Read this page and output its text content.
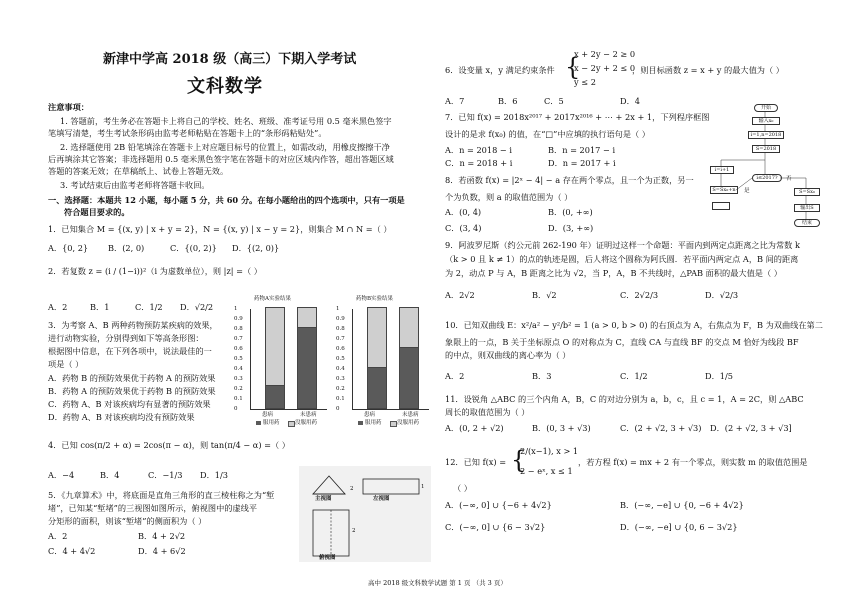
新津中学高 2018 级（高三）下期入学考试
文科数学
注意事项：
1. 答题前，考生务必在答题卡上将自己的学校、姓名、班级、准考证号用 0.5 毫米黑色签字
笔填写清楚，考生考试条形码由监考老师粘贴在答题卡上的“条形码粘贴处”。
2. 选择题使用 2B 铅笔填涂在答题卡上对应题目标号的位置上，如需改动，用橡皮擦擦干净
后再填涂其它答案；非选择题用 0.5 毫米黑色签字笔在答题卡的对应区域内作答，超出答题区域
答题的答案无效；在草稿纸上、试卷上答题无效。
3. 考试结束后由监考老师将答题卡收回。
一、选择题：本题共 12 小题，每小题 5 分，共 60 分。在每小题给出的四个选项中，只有一项是
符合题目要求的。
1．已知集合 M = {(x, y) | x + y = 2}，N = {(x, y) | x − y = 2}，则集合 M ∩ N =（ ）
A．{0, 2} B．(2, 0)	C．{(0, 2)} D．{(2, 0)}
2．若复数 z = (i / (1−i))²（i 为虚数单位），则 |z| =（ ）
A．2	B．1	C．1/2 D．√2/2
3．为考察 A、B 两种药物预防某疾病的效果，
进行动物实验，分别得到如下等高条形图：
根据图中信息，在下列各项中，说法最佳的一
项是（ ）
A．药物 B 的预防效果优于药物 A 的预防效果
B．药物 A 的预防效果优于药物 B 的预防效果
C．药物 A、B 对该疾病均有显著的预防效果
D．药物 A、B 对该疾病均没有预防效果
药物A实验结果
1
0.9
0.8
0.7
0.6
0.5
0.4
0.3
0.2
0.1
0
患病	未患病
服用药	没服用药
药物B实验结果
1
0.9
0.8
0.7
0.6
0.5
0.4
0.3
0.2
0.1
0
患病	未患病
服用药	没服用药
4．已知 cos(π/2 + α) = 2cos(π − α)，则 tan(π/4 − α) =（ ）
A．−4	B．4	C．−1/3 D．1/3
5．《九章算术》中，将底面是直角三角形的直三棱柱称之为“堑
堵”，已知某“堑堵”的三视图如图所示，俯视图中的虚线平
分矩形的面积，则该“堑堵”的侧面积为（ ）
A．2	B．4 + 2√2
C．4 + 4√2	D．4 + 6√2
主视图	左视图
俯视图
2	1
2
6．设变量 x，y 满足约束条件 {
x + 2y − 2 ≥ 0
x − 2y + 2 ≤ 0
y ≤ 2
，则目标函数 z = x + y 的最大值为（ ）
A．7	B．6	C．5	D．4
7．已知 f(x) = 2018x²⁰¹⁷ + 2017x²⁰¹⁶ + ⋯ + 2x + 1，下列程序框图
设计的是求 f(x₀) 的值，在“□”中应填的执行语句是（ ）
A．n = 2018 − i	B．n = 2017 − i
C．n = 2018 + i	D．n = 2017 + i
开始
输入x₀
i=1,n=2018
S=2018
i=i+1
i≤2017?
S=Sx₀+n	是
否
S=Sx₀
输出S
结束
8．若函数 f(x) = |2ˣ − 4| − a 存在两个零点，且一个为正数，另一
个为负数，则 a 的取值范围为（ ）
A．(0, 4)	B．(0, +∞)
C．(3, 4)	D．(3, +∞)
9．阿波罗尼斯（约公元前 262-190 年）证明过这样一个命题：平面内到两定点距离之比为常数 k
（k > 0 且 k ≠ 1）的点的轨迹是圆，后人将这个圆称为阿氏圆．若平面内两定点 A，B 间的距离
为 2，动点 P 与 A，B 距离之比为 √2，当 P，A，B 不共线时，△PAB 面积的最大值是（ ）
A．2√2	B．√2	C．2√2/3	D．√2/3
10．已知双曲线 E：x²/a² − y²/b² = 1 (a > 0, b > 0) 的右顶点为 A，右焦点为 F，B 为双曲线在第二
象限上的一点，B 关于坐标原点 O 的对称点为 C，直线 CA 与直线 BF 的交点 M 恰好为线段 BF
的中点，则双曲线的离心率为（ ）
A．2	B．3	C．1/2	D．1/5
11．设锐角 △ABC 的三个内角 A，B，C 的对边分别为 a，b，c，且 c = 1，A = 2C，则 △ABC
周长的取值范围为（ ）
A．(0, 2 + √2)	B．(0, 3 + √3)	C．(2 + √2, 3 + √3) D．(2 + √2, 3 + √3]
12．已知 f(x) = {
2/(x−1), x > 1
2 − eˣ, x ≤ 1
，若方程 f(x) = mx + 2 有一个零点，则实数 m 的取值范围是
（ ）
A．(−∞, 0] ∪ {−6 + 4√2}	B．(−∞, −e] ∪ {0, −6 + 4√2}
C．(−∞, 0] ∪ {6 − 3√2}	D．(−∞, −e] ∪ {0, 6 − 3√2}
高中 2018 级文科数学试题 第 1 页 （共 3 页）
